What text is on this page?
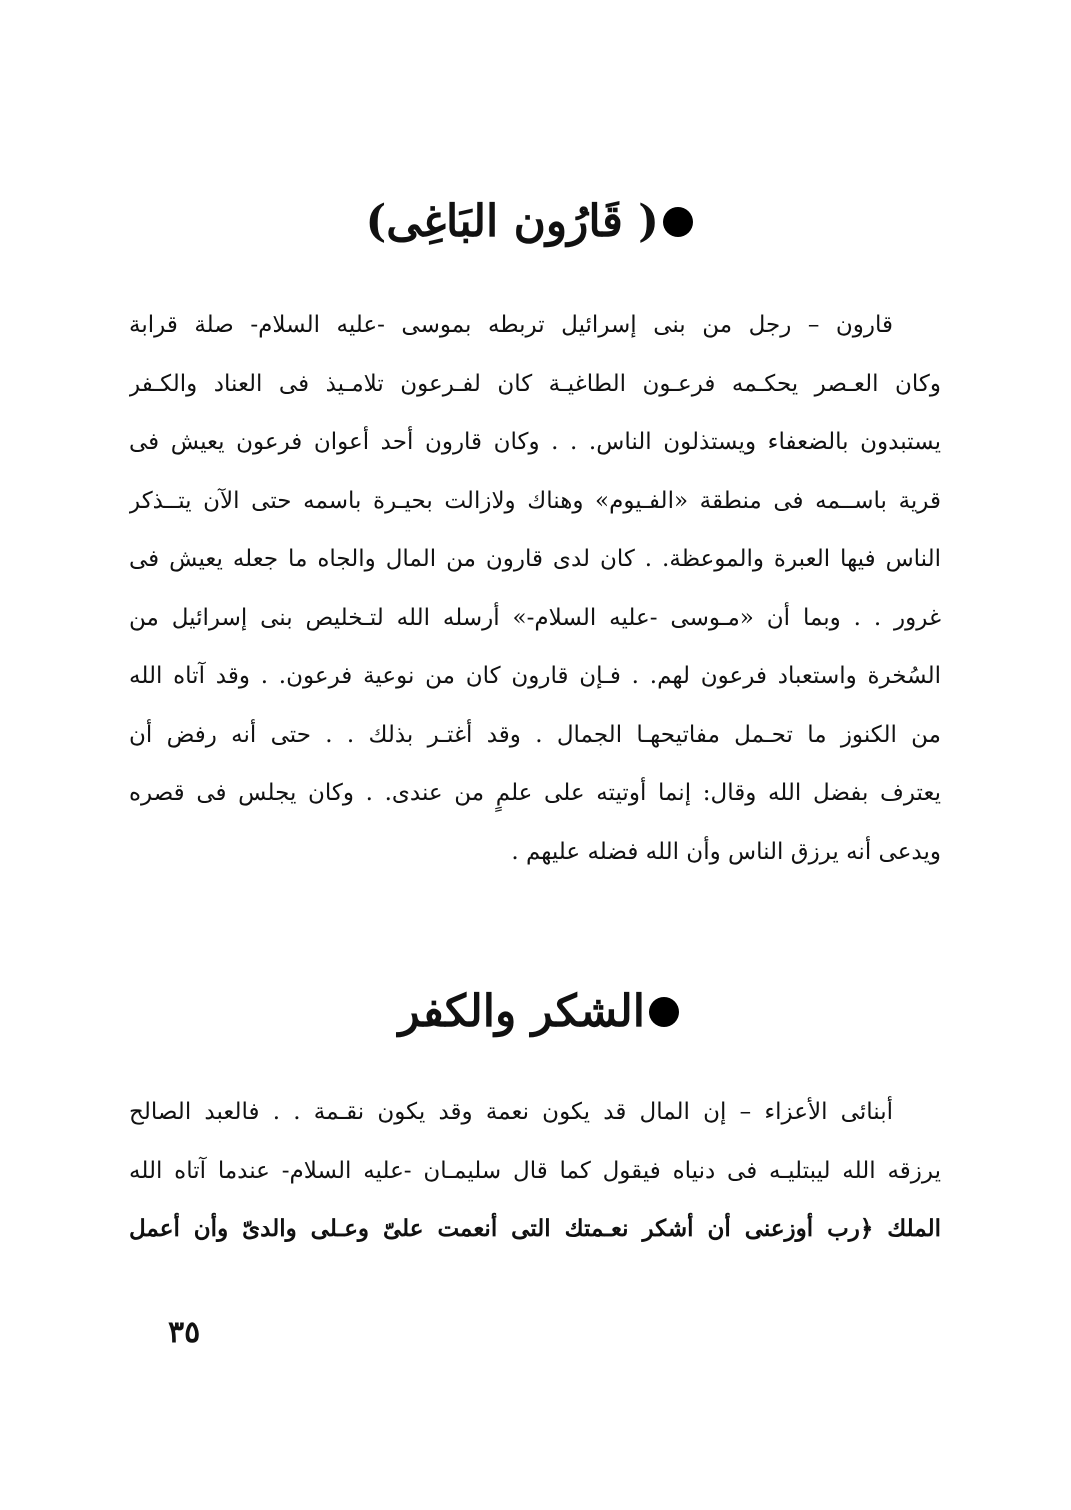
( قَارُون البَاغِى)
قارون – رجل من بنى إسرائيل تربطه بموسى -عليه السلام- صلة قرابة
وكان العـصر يحكـمه فرعـون الطاغيـة كان لفـرعون تلامـيذ فى العناد والكـفر
يستبدون بالضعفاء ويستذلون الناس. . . وكان قارون أحد أعوان فرعون يعيش فى
قرية باســمه فى منطقة «الفـيوم» وهناك ولازالت بحيـرة باسمه حتى الآن يتــذكر
الناس فيها العبرة والموعظة. . كان لدى قارون من المال والجاه ما جعله يعيش فى
غرور . . وبما أن «مـوسى -عليه السلام-» أرسله الله لتـخليص بنى إسرائيل من
السُخرة واستعباد فرعون لهم. . فـإن قارون كان من نوعية فرعون. . وقد آتاه الله
من الكنوز ما تحـمل مفاتيحهـا الجمال . وقد أغتـر بذلك . . حتى أنه رفض أن
يعترف بفضل الله وقال: إنما أوتيته على علمٍ من عندى. . وكان يجلس فى قصره
ويدعى أنه يرزق الناس وأن الله فضله عليهم .
الشكر والكفر
أبنائى الأعزاء – إن المال قد يكون نعمة وقد يكون نقـمة . . فالعبد الصالح
يرزقه الله ليبتليـه فى دنياه فيقول كما قال سليمـان -عليه السلام- عندما آتاه الله
الملك ﴿رب أوزعنى أن أشكر نعـمتك التى أنعمت علىّ وعـلى والدىّ وأن أعمل
٣٥
